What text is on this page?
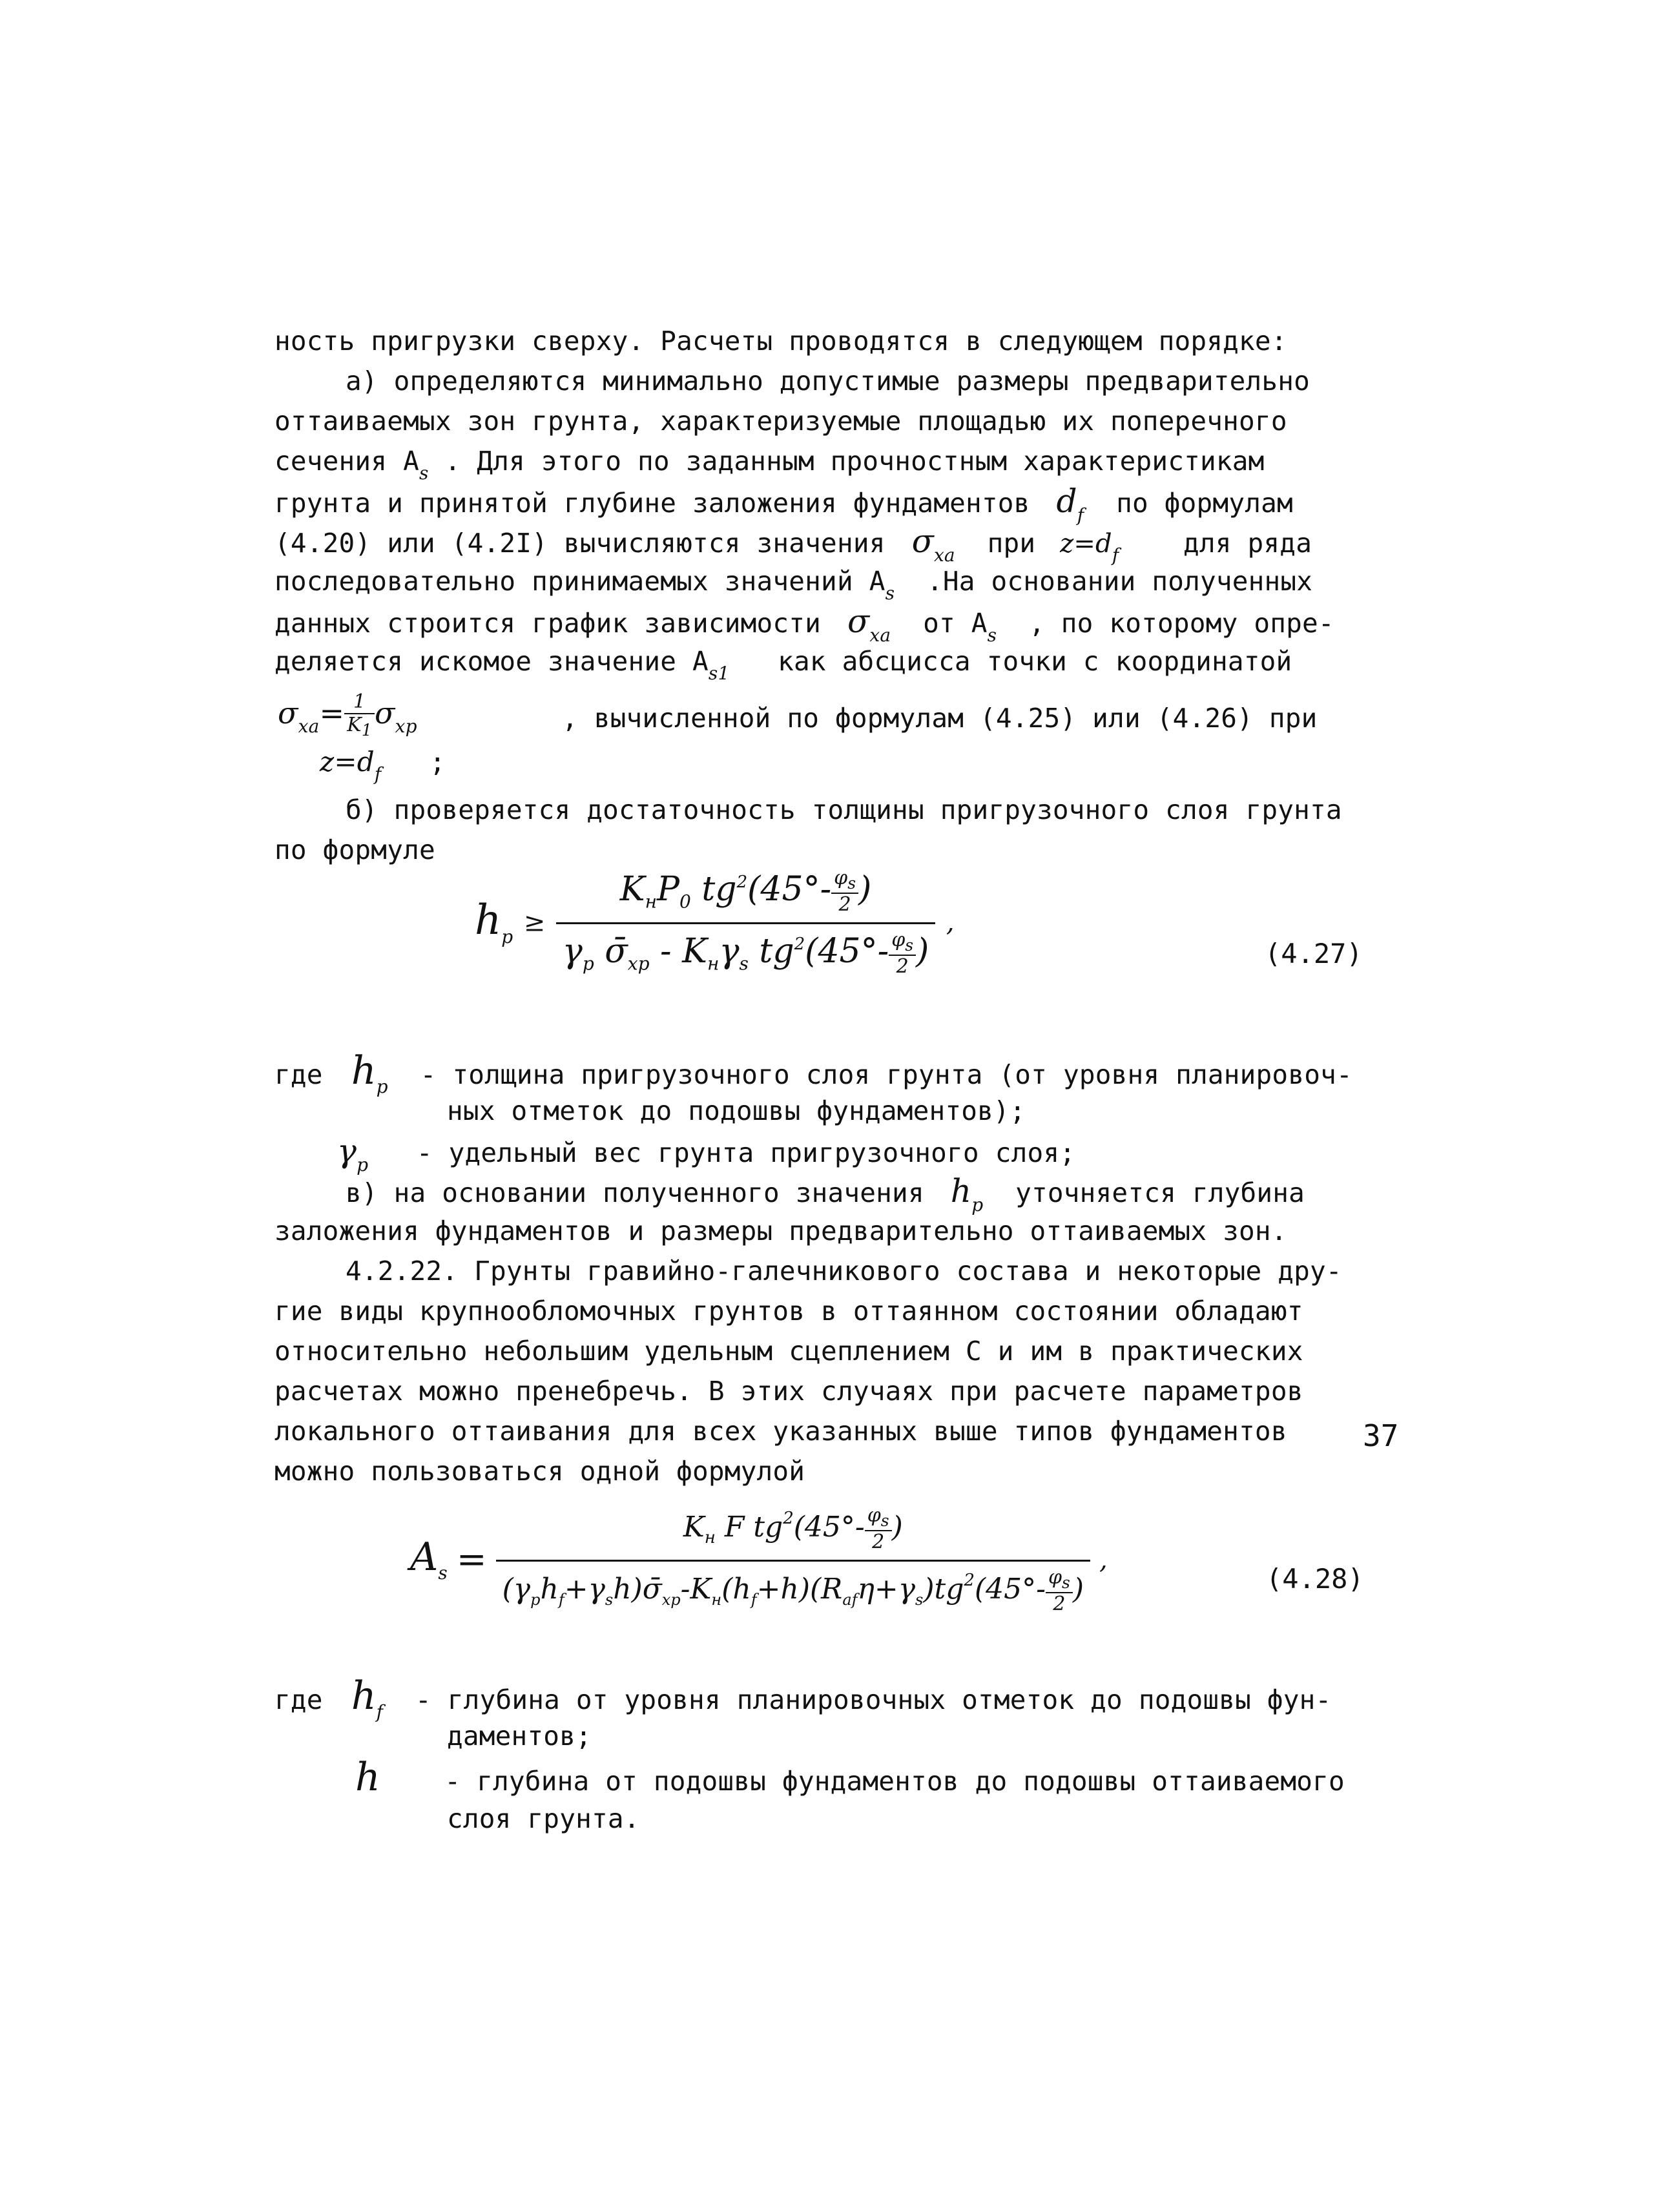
ность пригрузки сверху. Расчеты проводятся в следующем порядке:
а) определяются минимально допустимые размеры предварительно
оттаиваемых зон грунта, характеризуемые площадью их поперечного
сечения $A_s$ . Для этого по заданным прочностным характеристикам
грунта и принятой глубине заложения фундаментов  $d_f$ по формулам
(4.20) или (4.2I) вычисляются значения  $\sigma_{xa}$ при  $z=d_f$ для ряда
последовательно принимаемых значений $A_s$ .На основании полученных
данных строится график зависимости  $\sigma_{xa}$ от $A_s$ , по которому опре-
деляется искомое значение $A_{s1}$ как абсцисса точки с координатой
$\sigma_{xa}= \frac{1}{K_1} \sigma_{xp}$	, вычисленной по формулам (4.25) или (4.26) при
$z=d_f$ ;
б) проверяется достаточность толщины пригрузочного слоя грунта
по формуле
$h_p \ge \frac{K_нP_0 tg^2(45^\circ- \frac{\varphi_s}{2} )}{\gamma_p \sigmā_{xp} - K_н\gamma_s tg^2(45^\circ- \frac{\varphi_s}{2} )}$ ,
(4.27)
где $h_p$ - толщина пригрузочного слоя грунта (от уровня планировоч-
ных отметок до подошвы фундаментов);
$\gamma_p$ - удельный вес грунта пригрузочного слоя;
в) на основании полученного значения  $h_p$ уточняется глубина
заложения фундаментов и размеры предварительно оттаиваемых зон.
4.2.22. Грунты гравийно-галечникового состава и некоторые дру-
гие виды крупнообломочных грунтов в оттаянном состоянии обладают
относительно небольшим удельным сцеплением C и им в практических
расчетах можно пренебречь. В этих случаях при расчете параметров
локального оттаивания для всех указанных выше типов фундаментов
можно пользоваться одной формулой
$A_s = \frac{K_н F tg^2(45^\circ- \frac{\varphi_s}{2} )}{(\gamma_ph_f+\gamma_sh)\sigmā_{xp}-K_н(h_f+h)(R_{af}\eta+\gamma_s)tg^2(45^\circ- \frac{\varphi_s}{2} )}$ ,
(4.28)
где $h_f$ - глубина от уровня планировочных отметок до подошвы фун-
даментов;
h - глубина от подошвы фундаментов до подошвы оттаиваемого
слоя грунта.
37
